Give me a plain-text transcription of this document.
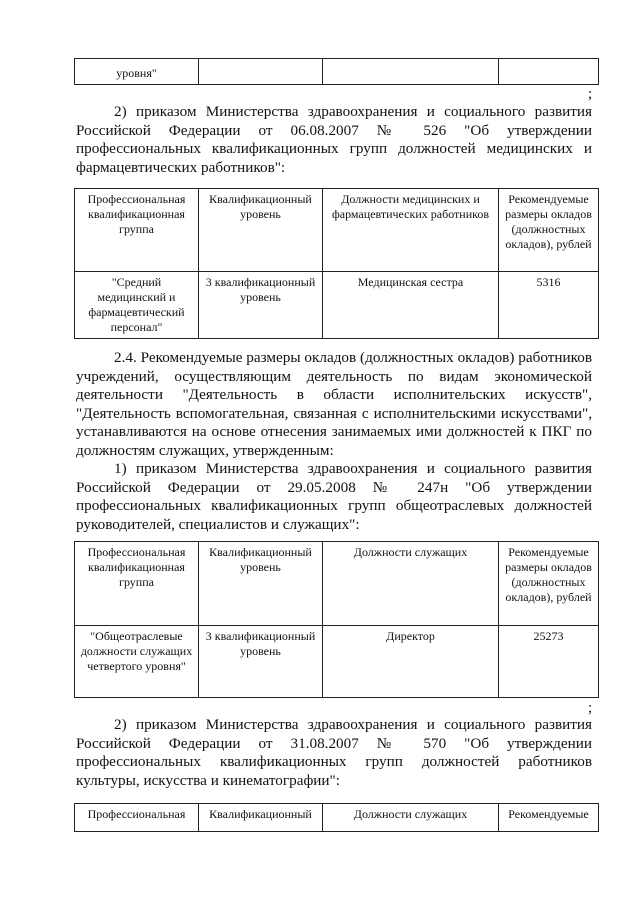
уровня"			
;

2) приказом Министерства здравоохранения и социального развития Российской Федерации от 06.08.2007 № 526 "Об утверждении профессиональных квалификационных групп должностей медицинских и фармацевтических работников":

Профессиональная квалификационная группа	Квалификационный уровень	Должности медицинских и фармацевтических работников	Рекомендуемые размеры окладов (должностных окладов), рублей
"Средний медицинский и фармацевтический персонал"	3 квалификационный уровень	Медицинская сестра	5316

2.4. Рекомендуемые размеры окладов (должностных окладов) работников учреждений, осуществляющим деятельность по видам экономической деятельности "Деятельность в области исполнительских искусств", "Деятельность вспомогательная, связанная с исполнительскими искусствами", устанавливаются на основе отнесения занимаемых ими должностей к ПКГ по должностям служащих, утвержденным:

1) приказом Министерства здравоохранения и социального развития Российской Федерации от 29.05.2008 № 247н "Об утверждении профессиональных квалификационных групп общеотраслевых должностей руководителей, специалистов и служащих":

Профессиональная квалификационная группа	Квалификационный уровень	Должности служащих	Рекомендуемые размеры окладов (должностных окладов), рублей
"Общеотраслевые должности служащих четвертого уровня"	3 квалификационный уровень	Директор	25273
;

2) приказом Министерства здравоохранения и социального развития Российской Федерации от 31.08.2007 № 570 "Об утверждении профессиональных квалификационных групп должностей работников культуры, искусства и кинематографии":

Профессиональная	Квалификационный	Должности служащих	Рекомендуемые
